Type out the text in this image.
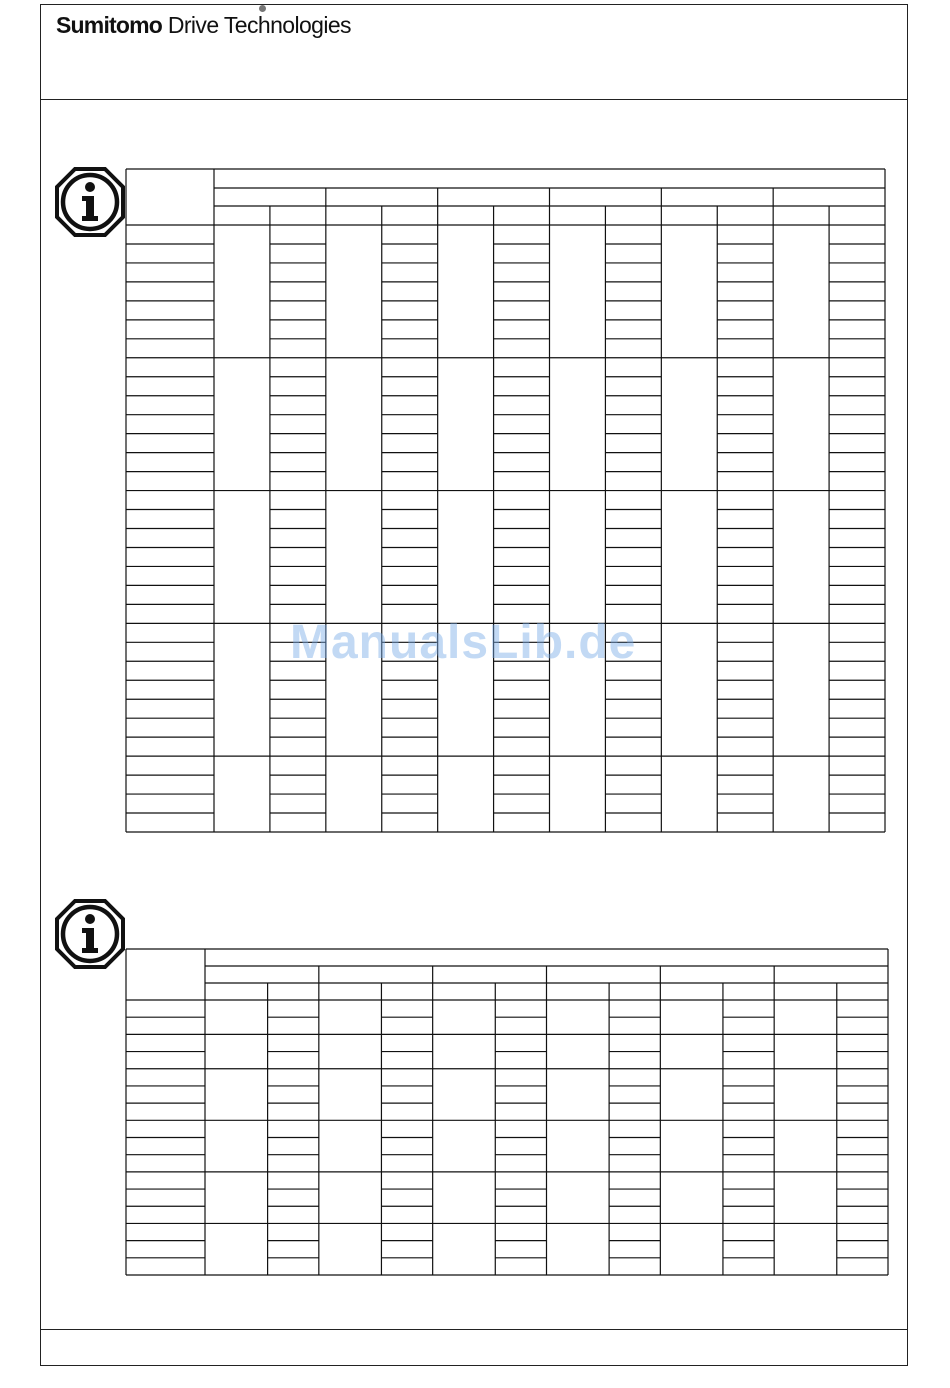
Sumitomo Drive Technologies
ManualsLib.de
